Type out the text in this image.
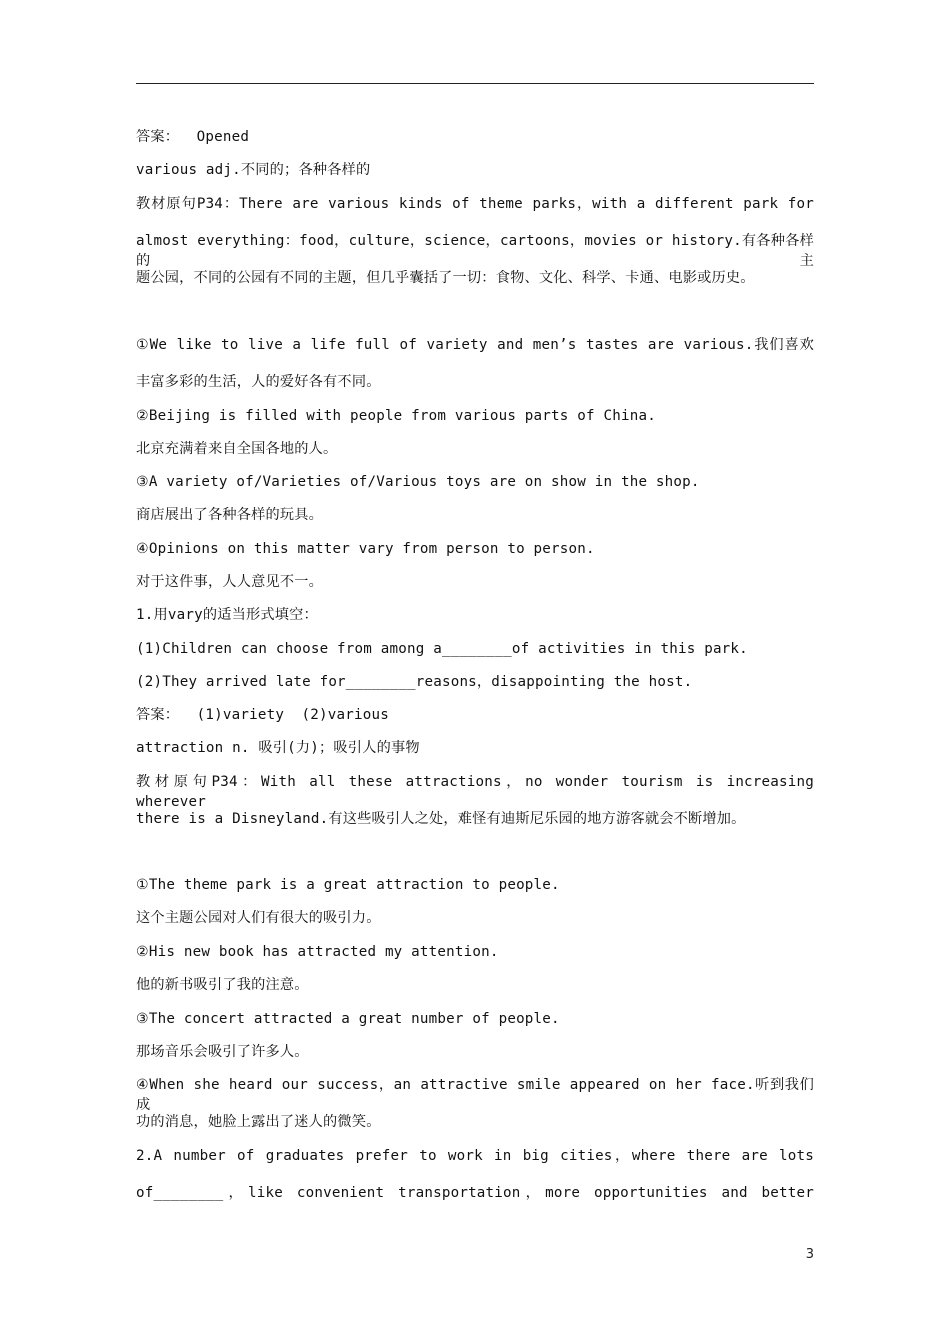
答案：  Opened
various adj.不同的；各种各样的
教材原句P34：There are various kinds of theme parks，with a different park for
almost everything：food，culture，science，cartoons，movies or history.有各种各样的主
题公园，不同的公园有不同的主题，但几乎囊括了一切：食物、文化、科学、卡通、电影或历史。
①We like to live a life full of variety and men’s tastes are various.我们喜欢
丰富多彩的生活，人的爱好各有不同。
②Beijing is filled with people from various parts of China.
北京充满着来自全国各地的人。
③A variety of/Varieties of/Various toys are on show in the shop.
商店展出了各种各样的玩具。
④Opinions on this matter vary from person to person.
对于这件事，人人意见不一。
1.用vary的适当形式填空：
(1)Children can choose from among a________of activities in this park.
(2)They arrived late for________reasons，disappointing the host.
答案：  (1)variety  (2)various
attraction n. 吸引(力)；吸引人的事物
教材原句P34：With all these attractions，no wonder tourism is increasing wherever
there is a Disneyland.有这些吸引人之处，难怪有迪斯尼乐园的地方游客就会不断增加。
①The theme park is a great attraction to people.
这个主题公园对人们有很大的吸引力。
②His new book has attracted my attention.
他的新书吸引了我的注意。
③The concert attracted a great number of people.
那场音乐会吸引了许多人。
④When she heard our success，an attractive smile appeared on her face.听到我们成
功的消息，她脸上露出了迷人的微笑。
2.A number of graduates prefer to work in big cities，where there are lots
of________，like convenient transportation，more opportunities and better
3
